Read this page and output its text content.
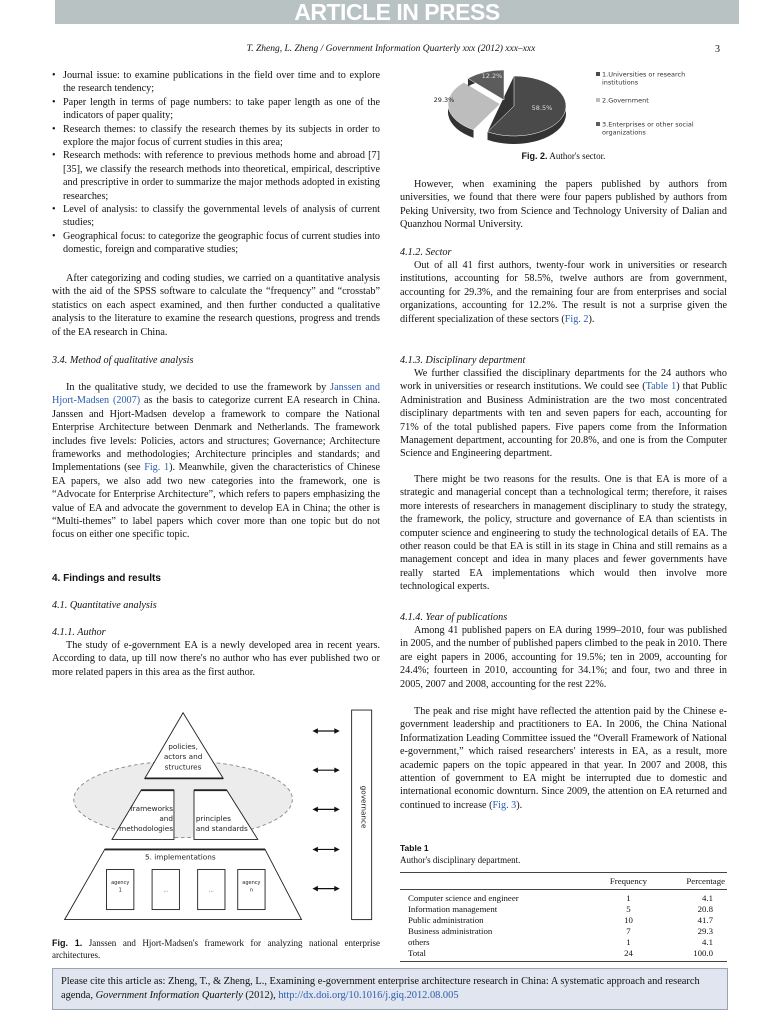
ARTICLE IN PRESS
T. Zheng, L. Zheng / Government Information Quarterly xxx (2012) xxx–xxx	3
• Journal issue: to examine publications in the field over time and to explore the research tendency;
• Paper length in terms of page numbers: to take paper length as one of the indicators of paper quality;
• Research themes: to classify the research themes by its subjects in order to explore the major focus of current studies in this area;
• Research methods: with reference to previous methods home and abroad [7] [35], we classify the research methods into theoretical, empirical, descriptive and prescriptive in order to summarize the major methods adopted in existing researches;
• Level of analysis: to classify the governmental levels of analysis of current studies;
• Geographical focus: to categorize the geographic focus of current studies into domestic, foreign and comparative studies;

After categorizing and coding studies, we carried on a quantitative analysis with the aid of the SPSS software to calculate the “frequency” and “crosstab” statistics on each aspect examined, and then further conducted a qualitative analysis to the literature to examine the research questions, progress and trends of the EA research in China.

3.4. Method of qualitative analysis

In the qualitative study, we decided to use the framework by Janssen and Hjort-Madsen (2007) as the basis to categorize current EA research in China. Janssen and Hjort-Madsen develop a framework to compare the National Enterprise Architecture between Denmark and Netherlands. The framework includes five levels: Policies, actors and structures; Governance; Architecture frameworks and methodologies; Architecture principles and standards; and Implementations (see Fig. 1). Meanwhile, given the characteristics of Chinese EA papers, we also add two new categories into the framework, one is “Advocate for Enterprise Architecture”, which refers to papers emphasizing the value of EA and advocate the government to develop EA in China; the other is “Multi-themes” to label papers which cover more than one topic but do not focus on either one specific topic.

4. Findings and results
4.1. Quantitative analysis
4.1.1. Author

The study of e-government EA is a newly developed area in recent years. According to data, up till now there's no author who has ever published two or more related papers in this area as the first author.

policies,
actors and
structures
frameworks
and
methodologies
principles
and standards
5. implementations
agency
1	...	...
agency
n
governance

Fig. 1. Janssen and Hjort-Madsen's framework for analyzing national enterprise architectures.

58.5%
29.3%
12.2%	1.Universities or research institutions
2.Government
3.Enterprises or other social organizations

Fig. 2. Author's sector.

However, when examining the papers published by authors from universities, we found that there were four papers published by authors from Peking University, two from Science and Technology University of Dalian and Quanzhou Normal University.

4.1.2. Sector

Out of all 41 first authors, twenty-four work in universities or research institutions, accounting for 58.5%, twelve authors are from government, accounting for 29.3%, and the remaining four are from enterprises and social organizations, accounting for 12.2%. The result is not a surprise given the different specialization of these sectors (Fig. 2).

4.1.3. Disciplinary department

We further classified the disciplinary departments for the 24 authors who work in universities or research institutions. We could see (Table 1) that Public Administration and Business Administration are the two most concentrated disciplinary departments with ten and seven papers for each, accounting for 71% of the total published papers. Five papers come from the Information Management department, accounting for 20.8%, and one is from the Computer Science and Engineering department.

There might be two reasons for the results. One is that EA is more of a strategic and managerial concept than a technological term; therefore, it raises more interests of researchers in management disciplinary to study the strategy, the framework, the policy, structure and governance of EA than scientists in computer science and engineering to study the technological details of EA. The other reason could be that EA is still in its stage in China and still remains as a management concept and idea in many places and fewer governments have really started EA implementations which would then involve more technological experts.

4.1.4. Year of publications

Among 41 published papers on EA during 1999–2010, four was published in 2005, and the number of published papers climbed to the peak in 2010. There are eight papers in 2006, accounting for 19.5%; ten in 2009, accounting for 24.4%; fourteen in 2010, accounting for 34.1%; and four, two and three in 2005, 2007 and 2008, accounting for the rest 22%.

The peak and rise might have reflected the attention paid by the Chinese e-government leadership and practitioners to EA. In 2006, the China National Informatization Leading Committee issued the “Overall Framework of National e-government,” which raised researchers' interests in EA, as a result, more academic papers on the topic appeared in that year. In 2007 and 2008, this attention of government to EA might be interrupted due to domestic and international economic downturn. Since 2009, the attention on EA returned and continued to increase (Fig. 3).

Table 1
Author's disciplinary department.
	Frequency	Percentage
Computer science and engineer	1	4.1
Information management	5	20.8
Public administration	10	41.7
Business administration	7	29.3
others	1	4.1
Total	24	100.0
Please cite this article as: Zheng, T., & Zheng, L., Examining e-government enterprise architecture research in China: A systematic approach and research agenda, Government Information Quarterly (2012), http://dx.doi.org/10.1016/j.giq.2012.08.005
